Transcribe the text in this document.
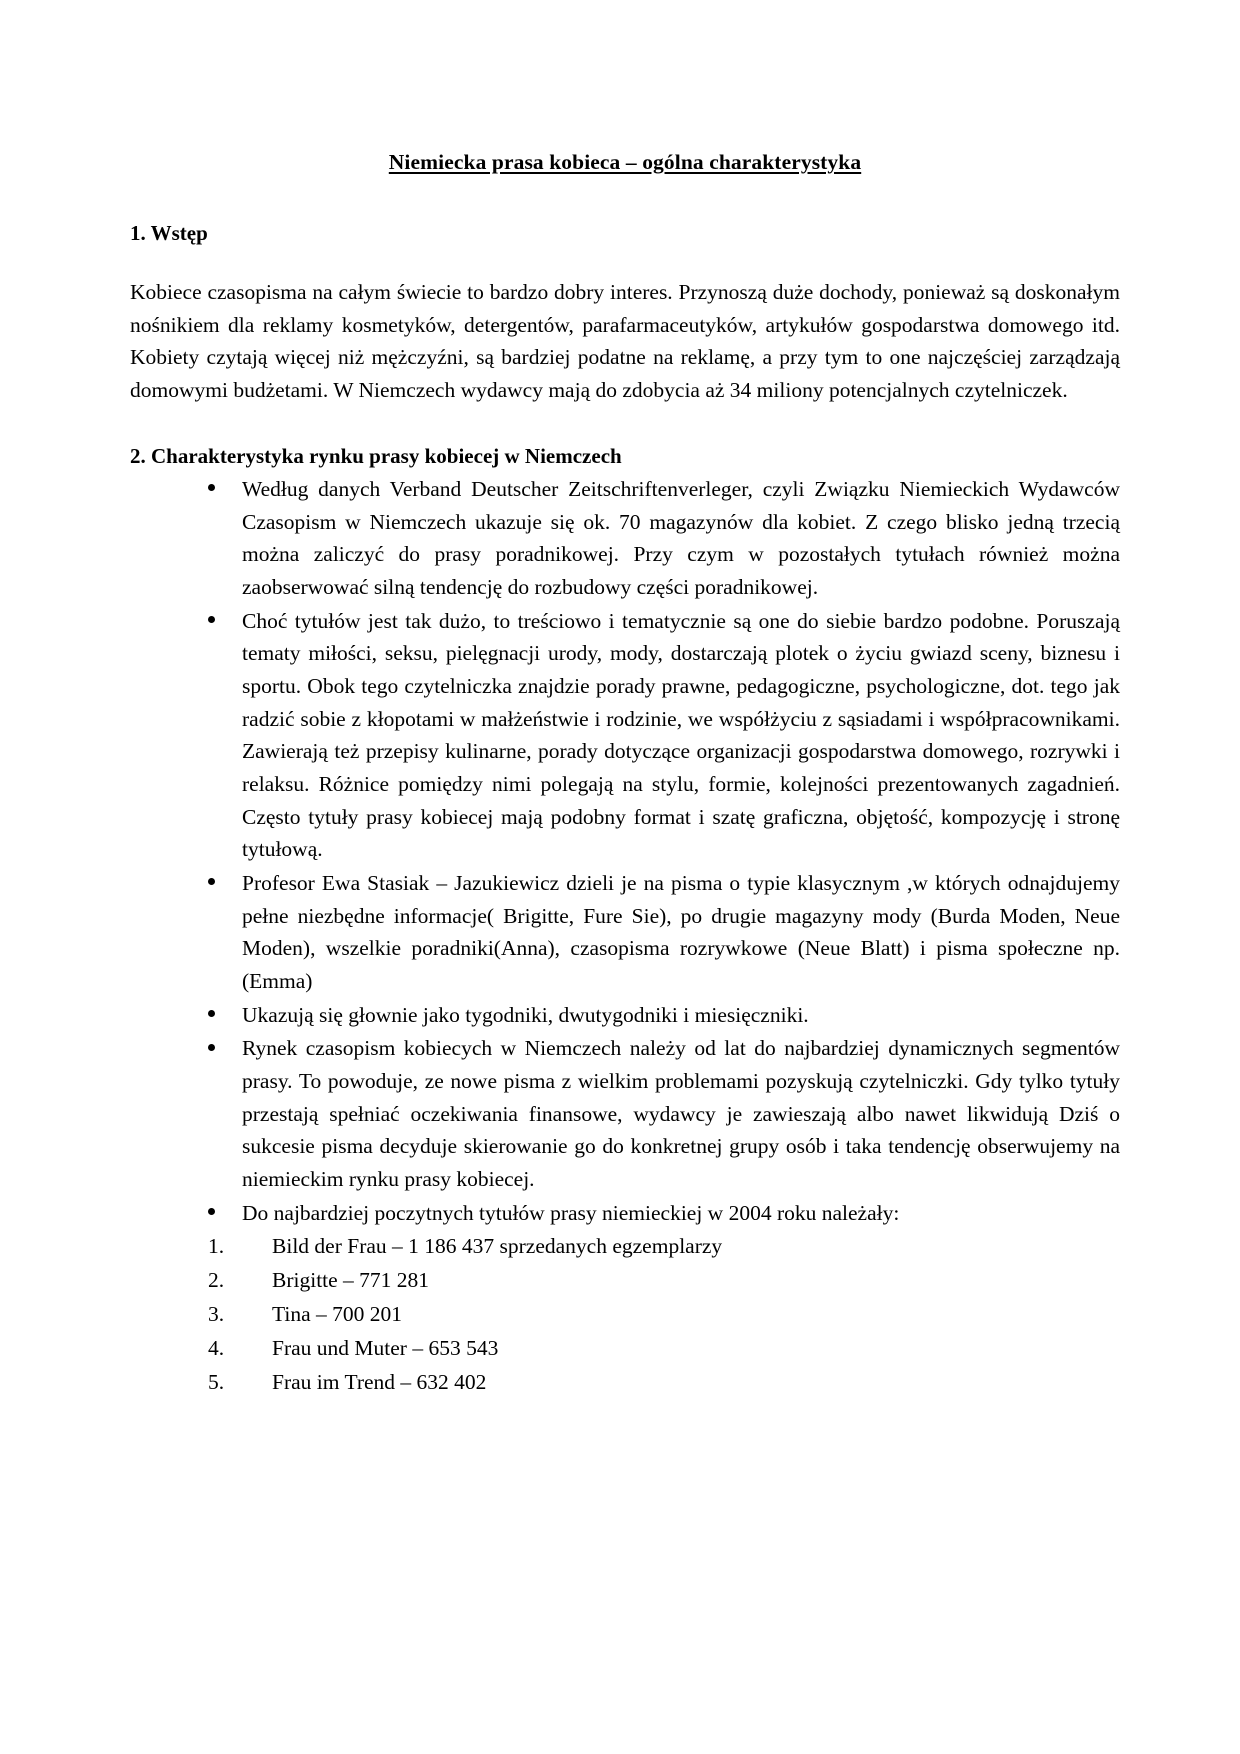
Niemiecka prasa kobieca – ogólna charakterystyka
1. Wstęp

Kobiece czasopisma na całym świecie to bardzo dobry interes. Przynoszą duże dochody, ponieważ są doskonałym nośnikiem dla reklamy kosmetyków, detergentów, parafarmaceutyków, artykułów gospodarstwa domowego itd. Kobiety czytają więcej niż mężczyźni, są bardziej podatne na reklamę, a przy tym to one najczęściej zarządzają domowymi budżetami. W Niemczech wydawcy mają do zdobycia aż 34 miliony potencjalnych czytelniczek.

2. Charakterystyka rynku prasy kobiecej w Niemczech
Według danych Verband Deutscher Zeitschriftenverleger, czyli Związku Niemieckich Wydawców Czasopism w Niemczech ukazuje się ok. 70 magazynów dla kobiet. Z czego blisko jedną trzecią można zaliczyć do prasy poradnikowej. Przy czym w pozostałych tytułach również można zaobserwować silną tendencję do rozbudowy części poradnikowej.
Choć tytułów jest tak dużo, to treściowo i tematycznie są one do siebie bardzo podobne. Poruszają tematy miłości, seksu, pielęgnacji urody, mody, dostarczają plotek o życiu gwiazd sceny, biznesu i sportu. Obok tego czytelniczka znajdzie porady prawne, pedagogiczne, psychologiczne, dot. tego jak radzić sobie z kłopotami w małżeństwie i rodzinie, we współżyciu z sąsiadami i współpracownikami. Zawierają też przepisy kulinarne, porady dotyczące organizacji gospodarstwa domowego, rozrywki i relaksu. Różnice pomiędzy nimi polegają na stylu, formie, kolejności prezentowanych zagadnień. Często tytuły prasy kobiecej mają podobny format i szatę graficzna, objętość, kompozycję i stronę tytułową.
Profesor Ewa Stasiak – Jazukiewicz dzieli je na pisma o typie klasycznym ,w których odnajdujemy pełne niezbędne informacje( Brigitte, Fure Sie), po drugie magazyny mody (Burda Moden, Neue Moden), wszelkie poradniki(Anna), czasopisma rozrywkowe (Neue Blatt) i pisma społeczne np. (Emma)
Ukazują się głownie jako tygodniki, dwutygodniki i miesięczniki.
Rynek czasopism kobiecych w Niemczech należy od lat do najbardziej dynamicznych segmentów prasy. To powoduje, ze nowe pisma z wielkim problemami pozyskują czytelniczki. Gdy tylko tytuły przestają spełniać oczekiwania finansowe, wydawcy je zawieszają albo nawet likwidują Dziś o sukcesie pisma decyduje skierowanie go do konkretnej grupy osób i taka tendencję obserwujemy na niemieckim rynku prasy kobiecej.
Do najbardziej poczytnych tytułów prasy niemieckiej w 2004 roku należały:
1. Bild der Frau – 1 186 437 sprzedanych egzemplarzy
2. Brigitte – 771 281
3. Tina – 700 201
4. Frau und Muter – 653 543
5. Frau im Trend – 632 402
